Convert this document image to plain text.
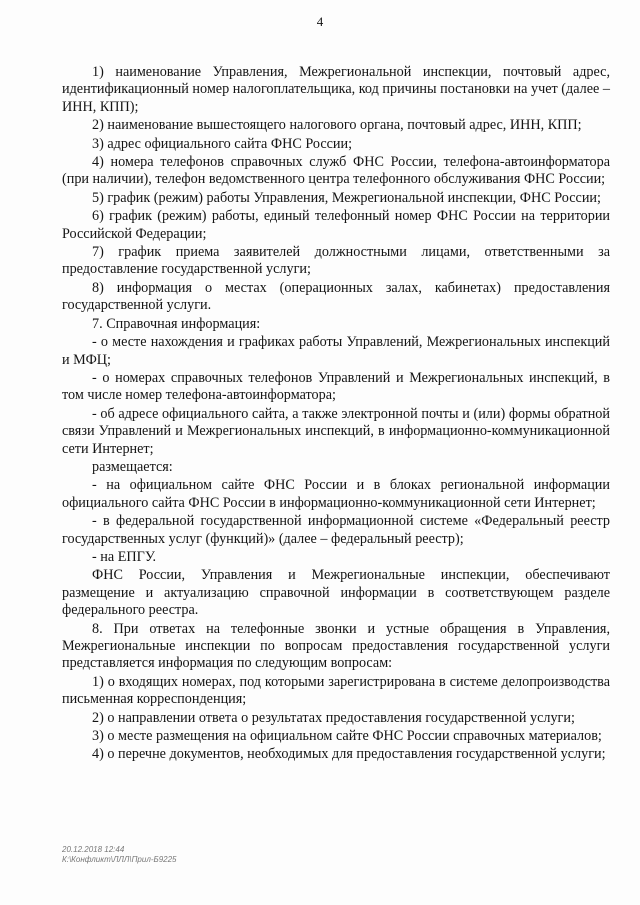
4

1) наименование Управления, Межрегиональной инспекции, почтовый адрес, идентификационный номер налогоплательщика, код причины постановки на учет (далее – ИНН, КПП);

2) наименование вышестоящего налогового органа, почтовый адрес, ИНН, КПП;

3) адрес официального сайта ФНС России;

4) номера телефонов справочных служб ФНС России, телефона-автоинформатора (при наличии), телефон ведомственного центра телефонного обслуживания ФНС России;

5) график (режим) работы Управления, Межрегиональной инспекции, ФНС России;

6) график (режим) работы, единый телефонный номер ФНС России на территории Российской Федерации;

7) график приема заявителей должностными лицами, ответственными за предоставление государственной услуги;

8) информация о местах (операционных залах, кабинетах) предоставления государственной услуги.

7. Справочная информация:

- о месте нахождения и графиках работы Управлений, Межрегиональных инспекций и МФЦ;

- о номерах справочных телефонов Управлений и Межрегиональных инспекций, в том числе номер телефона-автоинформатора;

- об адресе официального сайта, а также электронной почты и (или) формы обратной связи Управлений и Межрегиональных инспекций, в информационно-коммуникационной сети Интернет;

размещается:

- на официальном сайте ФНС России и в блоках региональной информации официального сайта ФНС России в информационно-коммуникационной сети Интернет;

- в федеральной государственной информационной системе «Федеральный реестр государственных услуг (функций)» (далее – федеральный реестр);

- на ЕПГУ.

ФНС России, Управления и Межрегиональные инспекции, обеспечивают размещение и актуализацию справочной информации в соответствующем разделе федерального реестра.

8. При ответах на телефонные звонки и устные обращения в Управления, Межрегиональные инспекции по вопросам предоставления государственной услуги представляется информация по следующим вопросам:

1) о входящих номерах, под которыми зарегистрирована в системе делопроизводства письменная корреспонденция;

2) о направлении ответа о результатах предоставления государственной услуги;

3) о месте размещения на официальном сайте ФНС России справочных материалов;

4) о перечне документов, необходимых для предоставления государственной услуги;

20.12.2018 12:44
К:\Конфликт\ЛЛЛ\Прил-Б9225
